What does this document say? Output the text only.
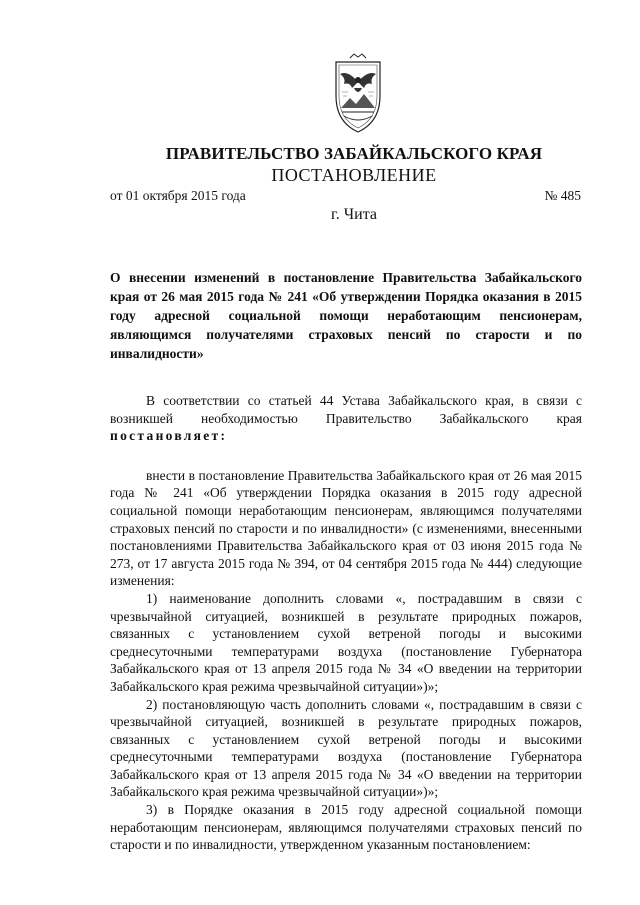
ПРАВИТЕЛЬСТВО ЗАБАЙКАЛЬСКОГО КРАЯ
ПОСТАНОВЛЕНИЕ
от 01 октября 2015 года	№ 485
г. Чита

О внесении изменений в постановление Правительства Забайкальского края от 26 мая 2015 года № 241 «Об утверждении Порядка оказания в 2015 году адресной социальной помощи неработающим пенсионерам, являющимся получателями страховых пенсий по старости и по инвалидности»

В соответствии со статьей 44 Устава Забайкальского края, в связи с возникшей необходимостью Правительство Забайкальского края постановляет:

внести в постановление Правительства Забайкальского края от 26 мая 2015 года № 241 «Об утверждении Порядка оказания в 2015 году адресной социальной помощи неработающим пенсионерам, являющимся получателями страховых пенсий по старости и по инвалидности» (с изменениями, внесенными постановлениями Правительства Забайкальского края от 03 июня 2015 года № 273, от 17 августа 2015 года № 394, от 04 сентября 2015 года № 444) следующие изменения:

1) наименование дополнить словами «, пострадавшим в связи с чрезвычайной ситуацией, возникшей в результате природных пожаров, связанных с установлением сухой ветреной погоды и высокими среднесуточными температурами воздуха (постановление Губернатора Забайкальского края от 13 апреля 2015 года № 34 «О введении на территории Забайкальского края режима чрезвычайной ситуации»)»;

2) постановляющую часть дополнить словами «, пострадавшим в связи с чрезвычайной ситуацией, возникшей в результате природных пожаров, связанных с установлением сухой ветреной погоды и высокими среднесуточными температурами воздуха (постановление Губернатора Забайкальского края от 13 апреля 2015 года № 34 «О введении на территории Забайкальского края режима чрезвычайной ситуации»)»;

3) в Порядке оказания в 2015 году адресной социальной помощи неработающим пенсионерам, являющимся получателями страховых пенсий по старости и по инвалидности, утвержденном указанным постановлением:
